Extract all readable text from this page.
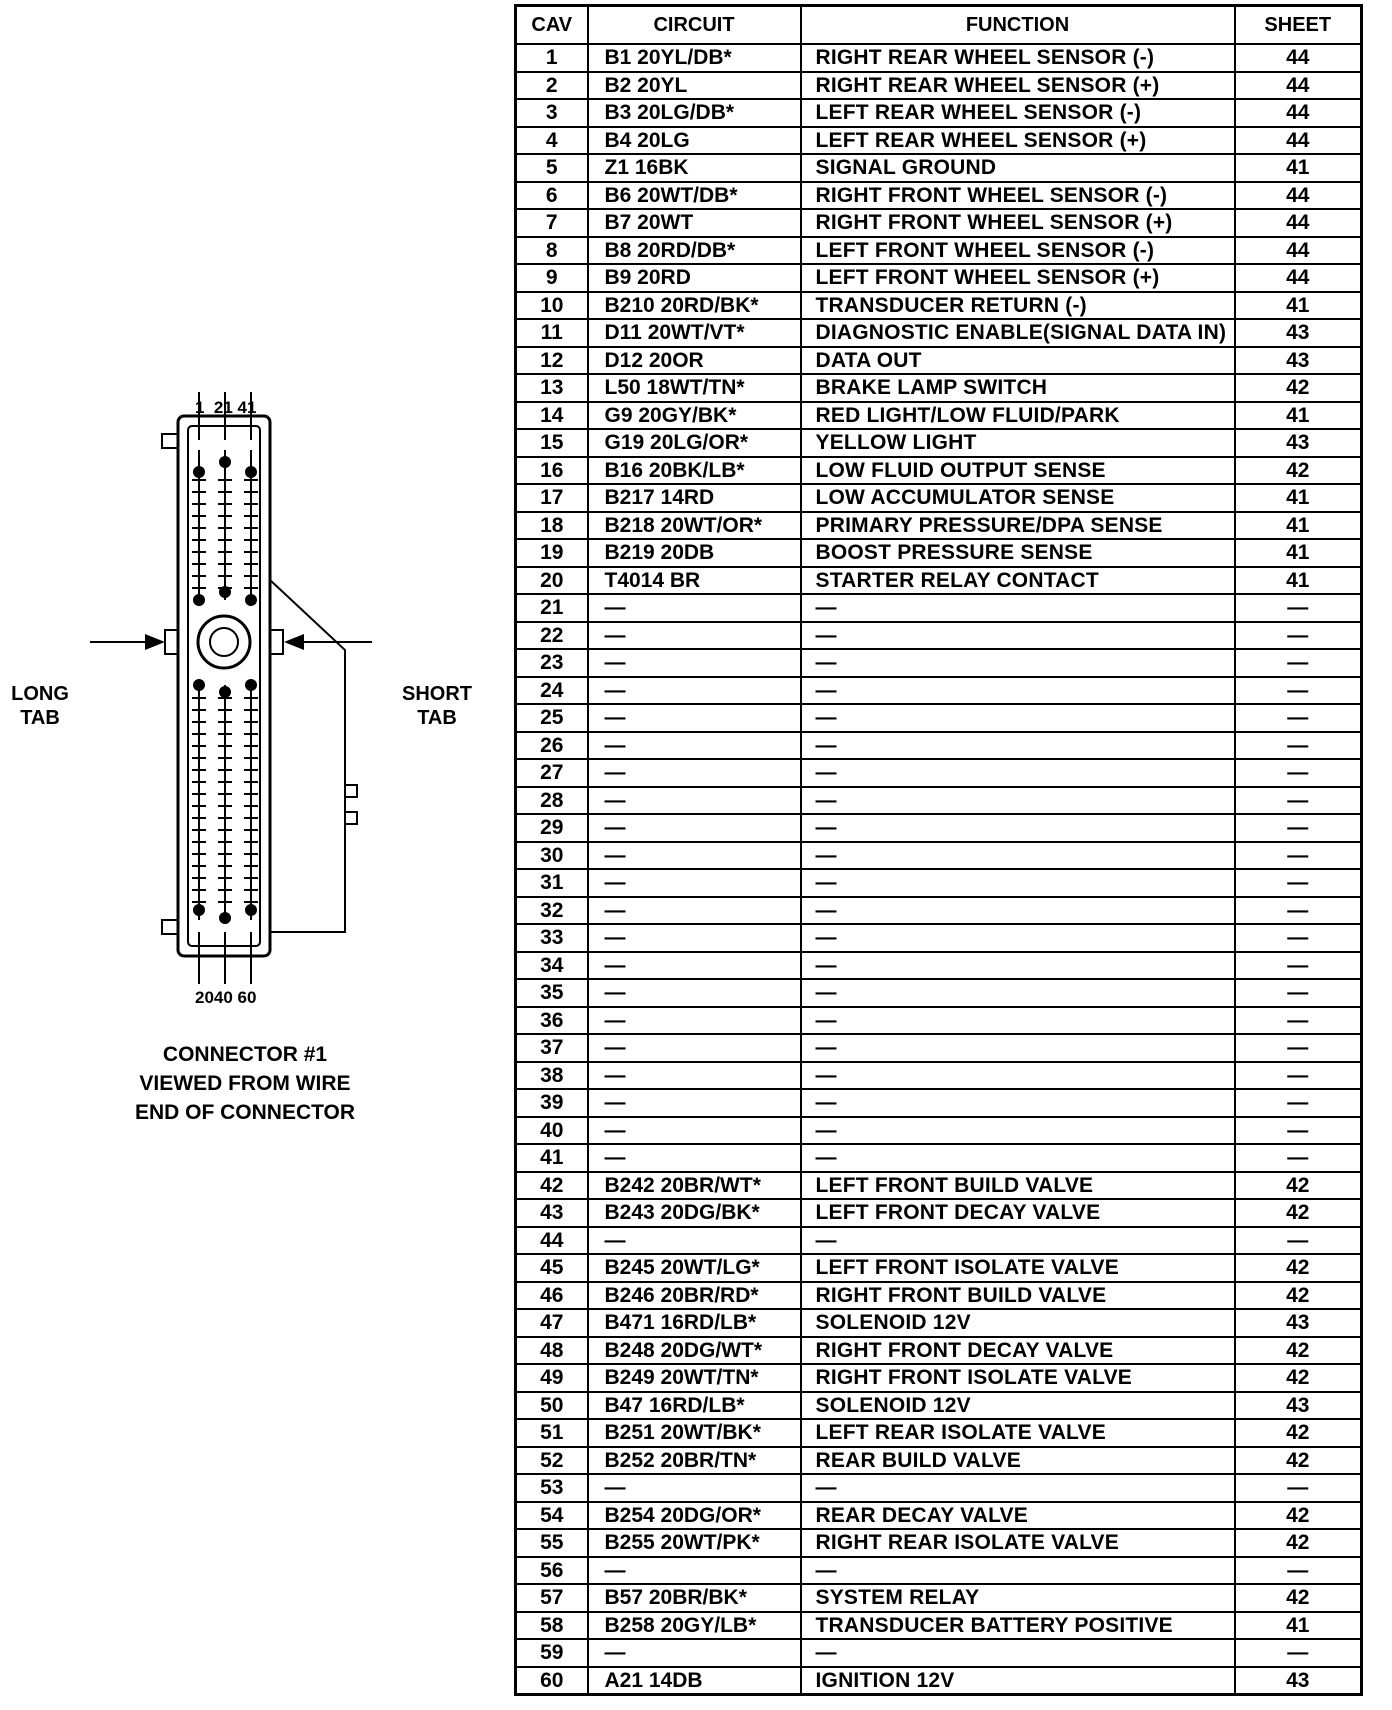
1  21 41
2040 60
LONG
TAB
SHORT
TAB
CONNECTOR #1
VIEWED FROM WIRE
END OF CONNECTOR
CAV	CIRCUIT	FUNCTION	SHEET
1	B1 20YL/DB*	RIGHT REAR WHEEL SENSOR (-)	44
2	B2 20YL	RIGHT REAR WHEEL SENSOR (+)	44
3	B3 20LG/DB*	LEFT REAR WHEEL SENSOR (-)	44
4	B4 20LG	LEFT REAR WHEEL SENSOR (+)	44
5	Z1 16BK	SIGNAL GROUND	41
6	B6 20WT/DB*	RIGHT FRONT WHEEL SENSOR (-)	44
7	B7 20WT	RIGHT FRONT WHEEL SENSOR (+)	44
8	B8 20RD/DB*	LEFT FRONT WHEEL SENSOR (-)	44
9	B9 20RD	LEFT FRONT WHEEL SENSOR (+)	44
10	B210 20RD/BK*	TRANSDUCER RETURN (-)	41
11	D11 20WT/VT*	DIAGNOSTIC ENABLE(SIGNAL DATA IN)	43
12	D12 20OR	DATA OUT	43
13	L50 18WT/TN*	BRAKE LAMP SWITCH	42
14	G9 20GY/BK*	RED LIGHT/LOW FLUID/PARK	41
15	G19 20LG/OR*	YELLOW LIGHT	43
16	B16 20BK/LB*	LOW FLUID OUTPUT SENSE	42
17	B217 14RD	LOW ACCUMULATOR SENSE	41
18	B218 20WT/OR*	PRIMARY PRESSURE/DPA SENSE	41
19	B219 20DB	BOOST PRESSURE SENSE	41
20	T4014 BR	STARTER RELAY CONTACT	41
21	—	—	—
22	—	—	—
23	—	—	—
24	—	—	—
25	—	—	—
26	—	—	—
27	—	—	—
28	—	—	—
29	—	—	—
30	—	—	—
31	—	—	—
32	—	—	—
33	—	—	—
34	—	—	—
35	—	—	—
36	—	—	—
37	—	—	—
38	—	—	—
39	—	—	—
40	—	—	—
41	—	—	—
42	B242 20BR/WT*	LEFT FRONT BUILD VALVE	42
43	B243 20DG/BK*	LEFT FRONT DECAY VALVE	42
44	—	—	—
45	B245 20WT/LG*	LEFT FRONT ISOLATE VALVE	42
46	B246 20BR/RD*	RIGHT FRONT BUILD VALVE	42
47	B471 16RD/LB*	SOLENOID 12V	43
48	B248 20DG/WT*	RIGHT FRONT DECAY VALVE	42
49	B249 20WT/TN*	RIGHT FRONT ISOLATE VALVE	42
50	B47 16RD/LB*	SOLENOID 12V	43
51	B251 20WT/BK*	LEFT REAR ISOLATE VALVE	42
52	B252 20BR/TN*	REAR BUILD VALVE	42
53	—	—	—
54	B254 20DG/OR*	REAR DECAY VALVE	42
55	B255 20WT/PK*	RIGHT REAR ISOLATE VALVE	42
56	—	—	—
57	B57 20BR/BK*	SYSTEM RELAY	42
58	B258 20GY/LB*	TRANSDUCER BATTERY POSITIVE	41
59	—	—	—
60	A21 14DB	IGNITION 12V	43
